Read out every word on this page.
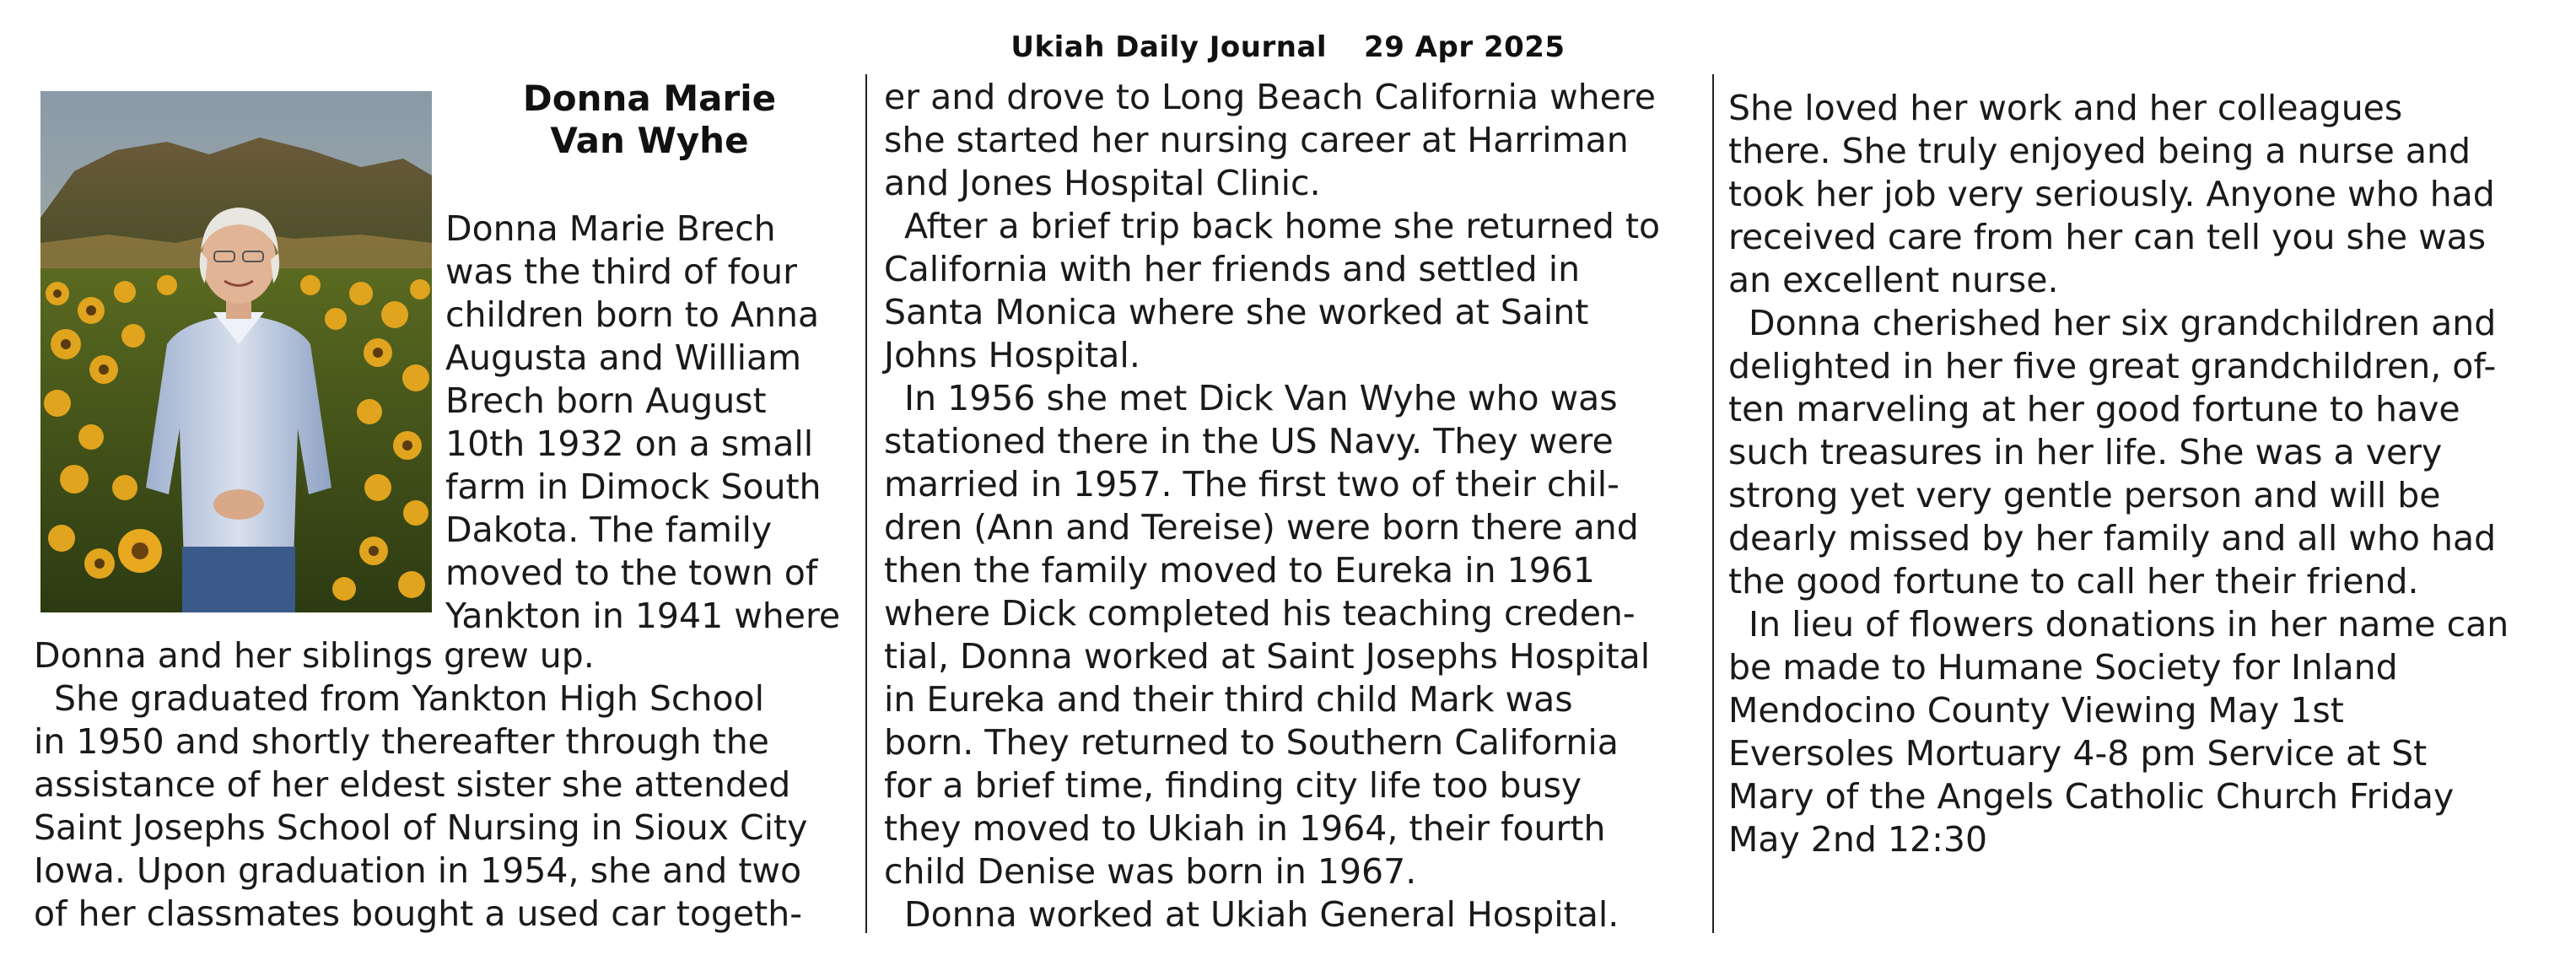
Ukiah Daily Journal 29 Apr 2025
Donna Marie
Van Wyhe
Donna Marie Brech
was the third of four
children born to Anna
Augusta and William
Brech born August
10th 1932 on a small
farm in Dimock South
Dakota. The family
moved to the town of
Yankton in 1941 where
Donna and her siblings grew up.
She graduated from Yankton High School
in 1950 and shortly thereafter through the
assistance of her eldest sister she attended
Saint Josephs School of Nursing in Sioux City
Iowa. Upon graduation in 1954, she and two
of her classmates bought a used car togeth-
er and drove to Long Beach California where
she started her nursing career at Harriman
and Jones Hospital Clinic.
After a brief trip back home she returned to
California with her friends and settled in
Santa Monica where she worked at Saint
Johns Hospital.
In 1956 she met Dick Van Wyhe who was
stationed there in the US Navy. They were
married in 1957. The first two of their chil-
dren (Ann and Tereise) were born there and
then the family moved to Eureka in 1961
where Dick completed his teaching creden-
tial, Donna worked at Saint Josephs Hospital
in Eureka and their third child Mark was
born. They returned to Southern California
for a brief time, finding city life too busy
they moved to Ukiah in 1964, their fourth
child Denise was born in 1967.
Donna worked at Ukiah General Hospital.
She loved her work and her colleagues
there. She truly enjoyed being a nurse and
took her job very seriously. Anyone who had
received care from her can tell you she was
an excellent nurse.
Donna cherished her six grandchildren and
delighted in her five great grandchildren, of-
ten marveling at her good fortune to have
such treasures in her life. She was a very
strong yet very gentle person and will be
dearly missed by her family and all who had
the good fortune to call her their friend.
In lieu of flowers donations in her name can
be made to Humane Society for Inland
Mendocino County Viewing May 1st
Eversoles Mortuary 4-8 pm Service at St
Mary of the Angels Catholic Church Friday
May 2nd 12:30
